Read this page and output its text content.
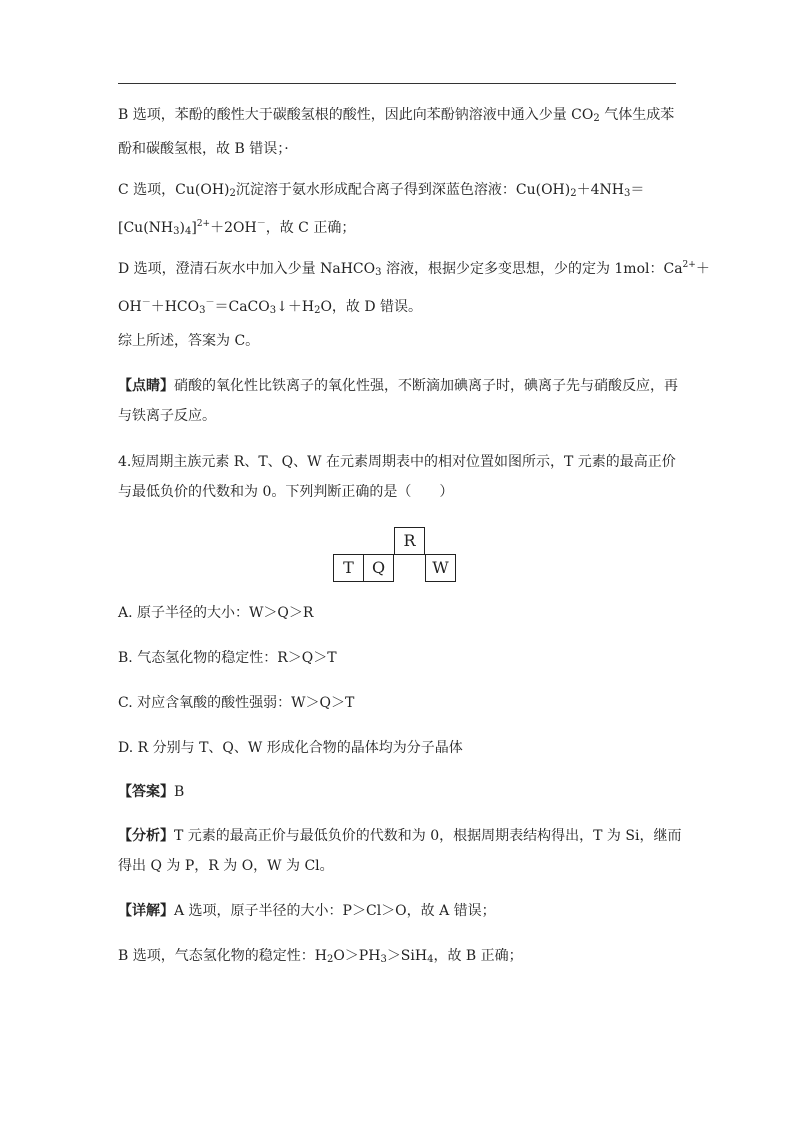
B 选项，苯酚的酸性大于碳酸氢根的酸性，因此向苯酚钠溶液中通入少量 $CO_2$ 气体生成苯
酚和碳酸氢根，故 B 错误；·
C 选项，$Cu(OH)_2$沉淀溶于氨水形成配合离子得到深蓝色溶液：$Cu(OH)_2+4NH_3=$
$[Cu(NH_3)_4]^{2+}+2OH^-$，故 C 正确；
D 选项，澄清石灰水中加入少量 NaHCO$_3$ 溶液，根据少定多变思想，少的定为 1mol：$Ca^{2+}+$
$OH^-+HCO_3^-=CaCO_3↓+H_2O$，故 D 错误。
综上所述，答案为 C。
【点睛】硝酸的氧化性比铁离子的氧化性强，不断滴加碘离子时，碘离子先与硝酸反应，再
与铁离子反应。
4.短周期主族元素 R、T、Q、W 在元素周期表中的相对位置如图所示，T 元素的最高正价
与最低负价的代数和为 0。下列判断正确的是（　　）
R
T	Q	W
A. 原子半径的大小：W＞Q＞R
B. 气态氢化物的稳定性：R＞Q＞T
C. 对应含氧酸的酸性强弱：W＞Q＞T
D. R 分别与 T、Q、W 形成化合物的晶体均为分子晶体
【答案】B
【分析】T 元素的最高正价与最低负价的代数和为 0，根据周期表结构得出，T 为 Si，继而
得出 Q 为 P，R 为 O，W 为 Cl。
【详解】A 选项，原子半径的大小：P＞Cl＞O，故 A 错误；
B 选项，气态氢化物的稳定性：$H_2O>PH_3>SiH_4$，故 B 正确；
